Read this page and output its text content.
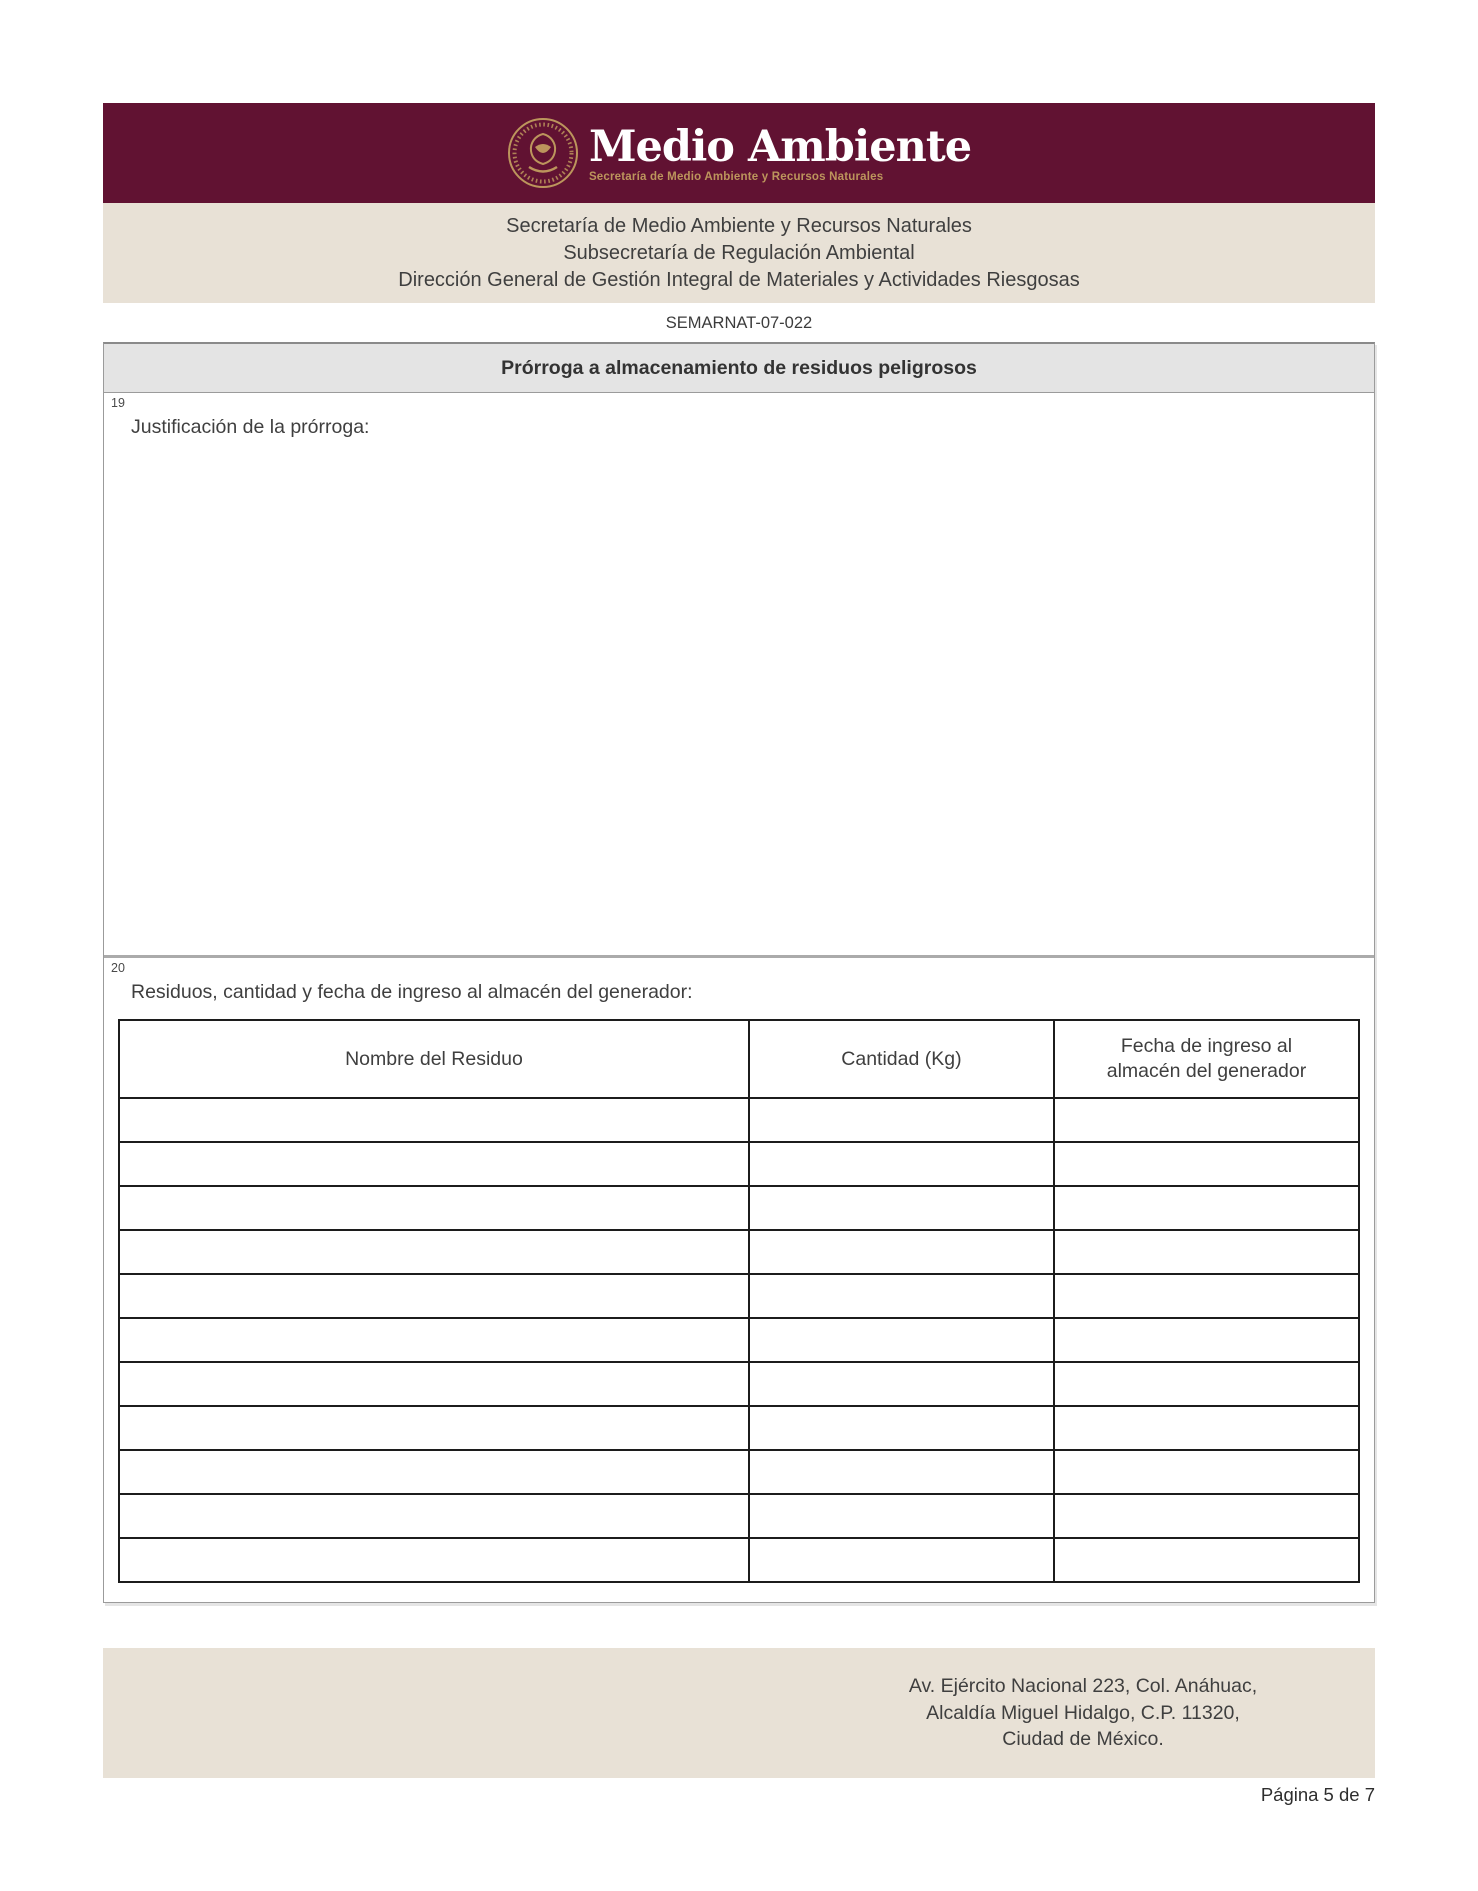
Medio Ambiente
Secretaría de Medio Ambiente y Recursos Naturales
Secretaría de Medio Ambiente y Recursos Naturales
Subsecretaría de Regulación Ambiental
Dirección General de Gestión Integral de Materiales y Actividades Riesgosas
SEMARNAT-07-022
Prórroga a almacenamiento de residuos peligrosos
19
Justificación de la prórroga:
20
Residuos, cantidad y fecha de ingreso al almacén del generador:
Nombre del Residuo	Cantidad (Kg)	Fecha de ingreso al almacén del generador

Av. Ejército Nacional 223, Col. Anáhuac,
Alcaldía Miguel Hidalgo, C.P. 11320,
Ciudad de México.
Página 5 de 7
